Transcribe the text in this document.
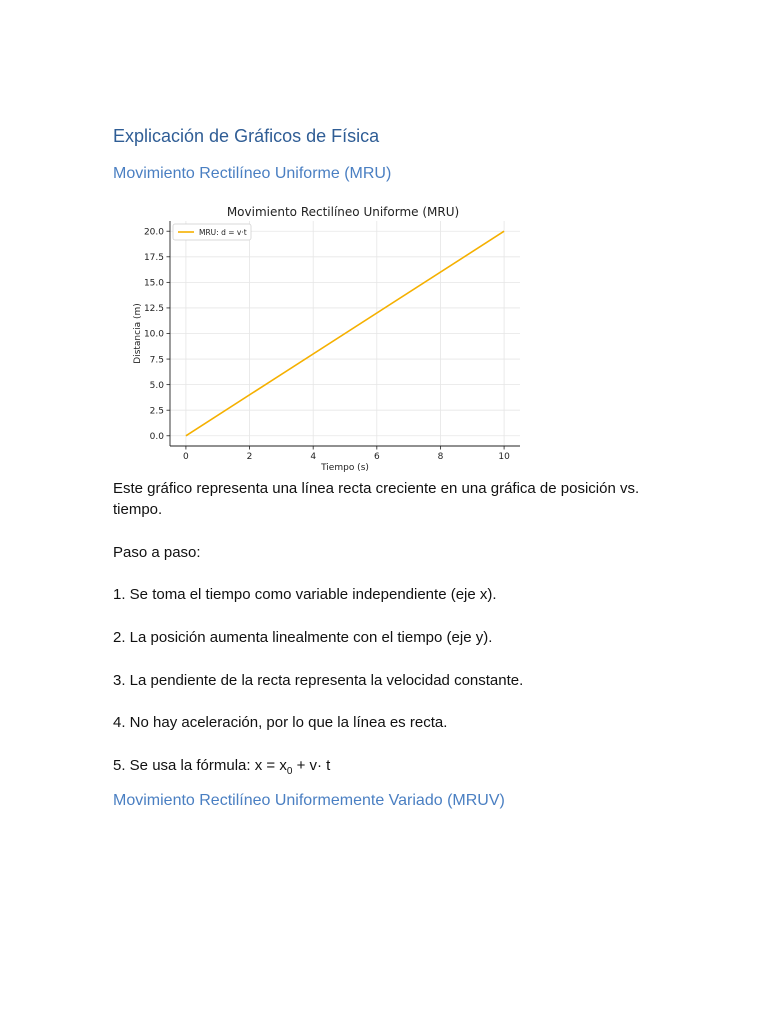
Explicación de Gráficos de Física
Movimiento Rectilíneo Uniforme (MRU)
0	2	4	6	8	10
0.0
2.5
5.0
7.5
10.0
12.5
15.0
17.5
20.0
Movimiento Rectilíneo Uniforme (MRU)
Tiempo (s)
Distancia (m)
MRU: d = v·t

Este gráfico representa una línea recta creciente en una gráfica de posición vs. tiempo.

Paso a paso:

1. Se toma el tiempo como variable independiente (eje x).

2. La posición aumenta linealmente con el tiempo (eje y).

3. La pendiente de la recta representa la velocidad constante.

4. No hay aceleración, por lo que la línea es recta.

5. Se usa la fórmula: $x = x_0 + v\cdot t$

Movimiento Rectilíneo Uniformemente Variado (MRUV)
